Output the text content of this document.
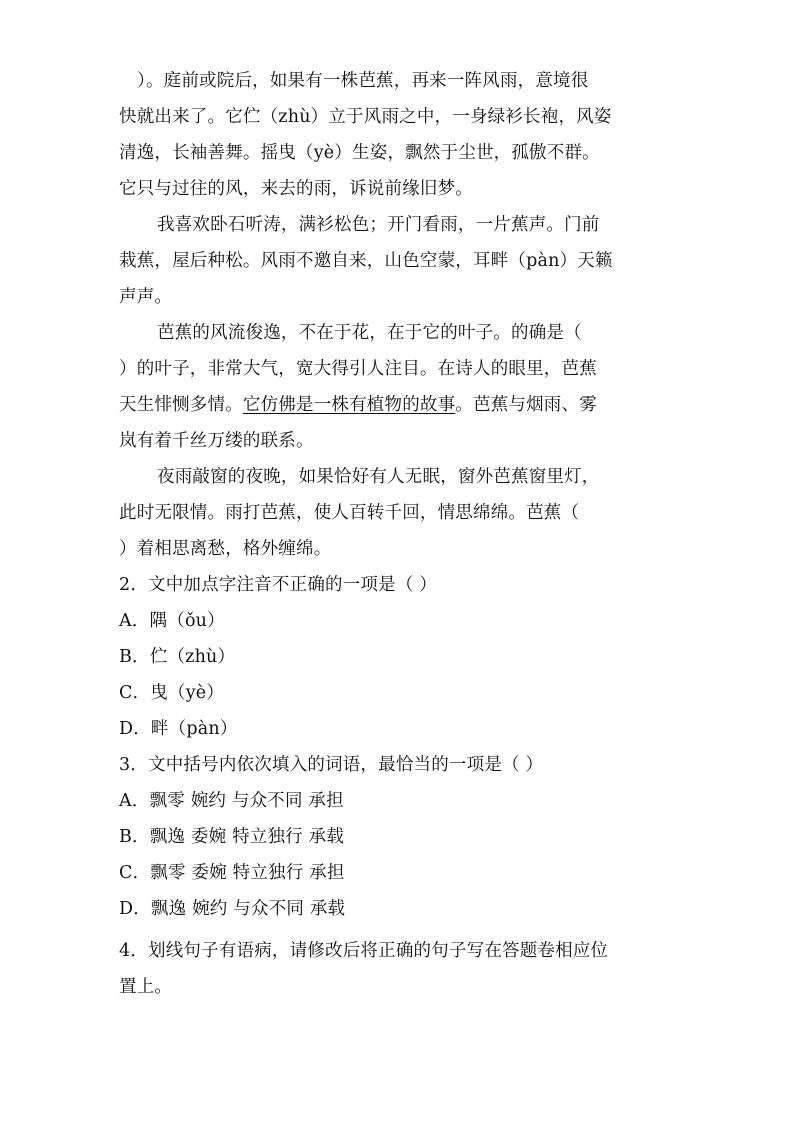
）。庭前或院后，如果有一株芭蕉，再来一阵风雨，意境很
快就出来了。它伫（zhù）立于风雨之中，一身绿衫长袍，风姿
清逸，长袖善舞。摇曳（yè）生姿，飘然于尘世，孤傲不群。
它只与过往的风，来去的雨，诉说前缘旧梦。
我喜欢卧石听涛，满衫松色；开门看雨，一片蕉声。门前
栽蕉，屋后种松。风雨不邀自来，山色空蒙，耳畔（pàn）天籁
声声。
芭蕉的风流俊逸，不在于花，在于它的叶子。的确是（
）的叶子，非常大气，宽大得引人注目。在诗人的眼里，芭蕉
天生悱恻多情。它仿佛是一株有植物的故事。芭蕉与烟雨、雾
岚有着千丝万缕的联系。
夜雨敲窗的夜晚，如果恰好有人无眠，窗外芭蕉窗里灯，
此时无限情。雨打芭蕉，使人百转千回，情思绵绵。芭蕉（
）着相思离愁，格外缠绵。
2．文中加点字注音不正确的一项是（ ）
A．隅（ǒu）
B．伫（zhù）
C．曳（yè）
D．畔（pàn）
3．文中括号内依次填入的词语，最恰当的一项是（ ）
A．飘零 婉约 与众不同 承担
B．飘逸 委婉 特立独行 承载
C．飘零 委婉 特立独行 承担
D．飘逸 婉约 与众不同 承载
4．划线句子有语病，请修改后将正确的句子写在答题卷相应位
置上。
